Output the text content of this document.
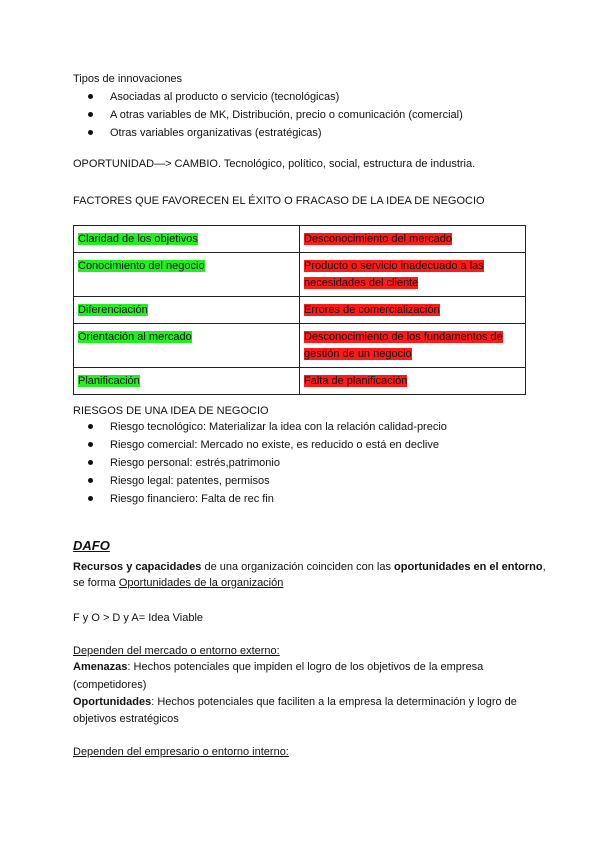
Tipos de innovaciones
Asociadas al producto o servicio (tecnológicas)
A otras variables de MK, Distribución, precio o comunicación (comercial)
Otras variables organizativas (estratégicas)
OPORTUNIDAD—> CAMBIO. Tecnológico, político, social, estructura de industria.
FACTORES QUE FAVORECEN EL ÉXITO O FRACASO DE LA IDEA DE NEGOCIO
Claridad de los objetivos	Desconocimiento del mercado
Conocimiento del negocio	Producto o servicio inadecuado a las necesidades del cliente
Diferenciación	Errores de comercialización
Orientación al mercado	Desconocimiento de los fundamentos de gestión de un negocio
Planificación	Falta de planificación
RIESGOS DE UNA IDEA DE NEGOCIO
Riesgo tecnológico: Materializar la idea con la relación calidad-precio
Riesgo comercial: Mercado no existe, es reducido o está en declive
Riesgo personal: estrés,patrimonio
Riesgo legal: patentes, permisos
Riesgo financiero: Falta de rec fin
DAFO
Recursos y capacidades de una organización coinciden con las oportunidades en el entorno,
se forma Oportunidades de la organización
F y O > D y A= Idea Viable
Dependen del mercado o entorno externo:
Amenazas: Hechos potenciales que impiden el logro de los objetivos de la empresa
(competidores)
Oportunidades: Hechos potenciales que faciliten a la empresa la determinación y logro de
objetivos estratégicos
Dependen del empresario o entorno interno:
